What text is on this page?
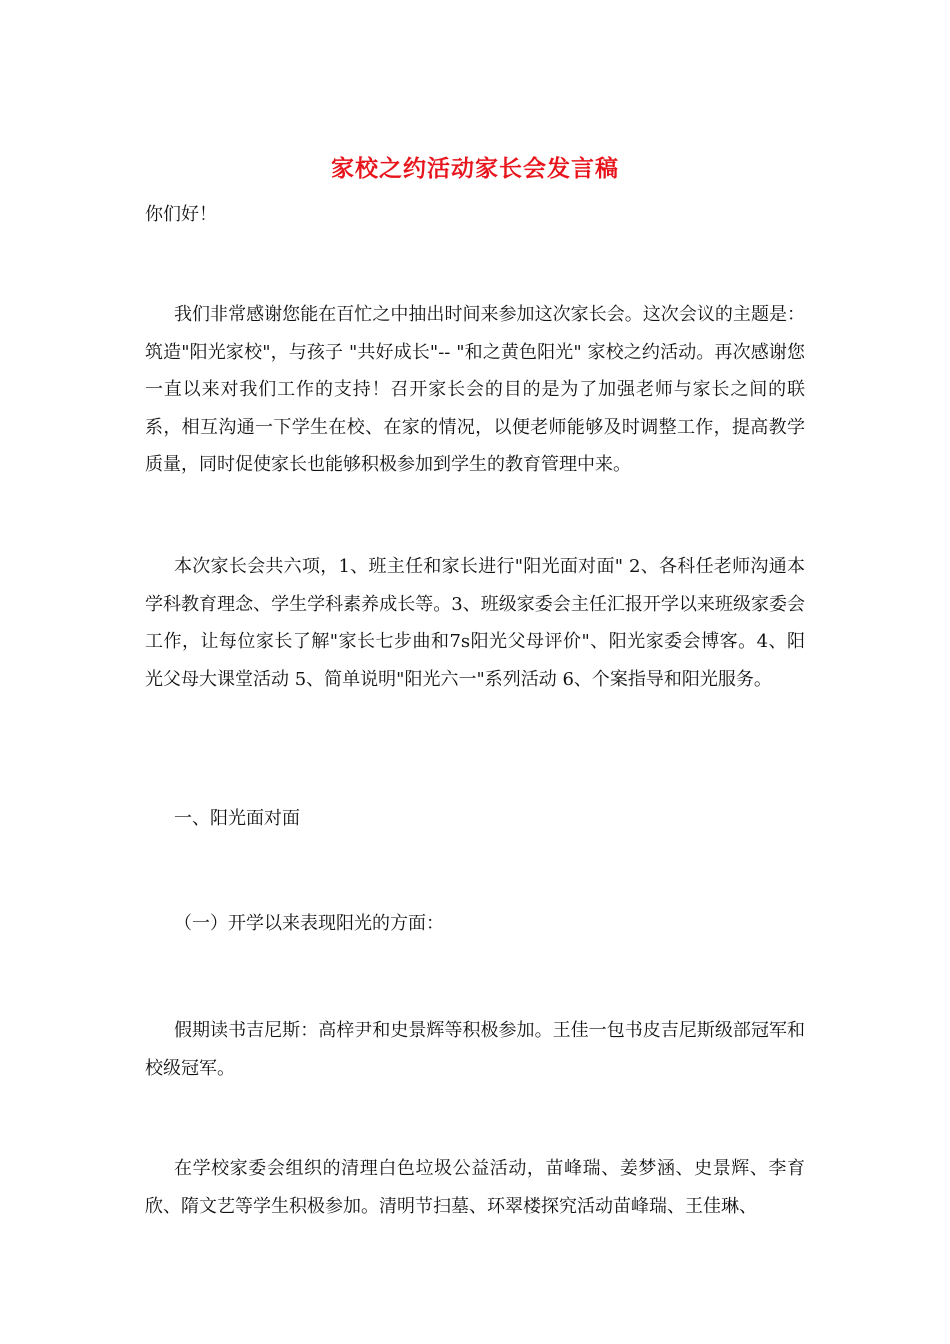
家校之约活动家长会发言稿
你们好！
我们非常感谢您能在百忙之中抽出时间来参加这次家长会。这次会议的主题是：筑造"阳光家校"，与孩子 "共好成长"-- "和之黄色阳光" 家校之约活动。再次感谢您一直以来对我们工作的支持！召开家长会的目的是为了加强老师与家长之间的联系，相互沟通一下学生在校、在家的情况，以便老师能够及时调整工作，提高教学质量，同时促使家长也能够积极参加到学生的教育管理中来。
本次家长会共六项，1、班主任和家长进行"阳光面对面" 2、各科任老师沟通本学科教育理念、学生学科素养成长等。3、班级家委会主任汇报开学以来班级家委会工作，让每位家长了解"家长七步曲和7s阳光父母评价"、阳光家委会博客。4、阳光父母大课堂活动 5、简单说明"阳光六一"系列活动 6、个案指导和阳光服务。
一、阳光面对面
（一）开学以来表现阳光的方面：
假期读书吉尼斯：高梓尹和史景辉等积极参加。王佳一包书皮吉尼斯级部冠军和校级冠军。
在学校家委会组织的清理白色垃圾公益活动，苗峰瑞、姜梦涵、史景辉、李育欣、隋文艺等学生积极参加。清明节扫墓、环翠楼探究活动苗峰瑞、王佳琳、
